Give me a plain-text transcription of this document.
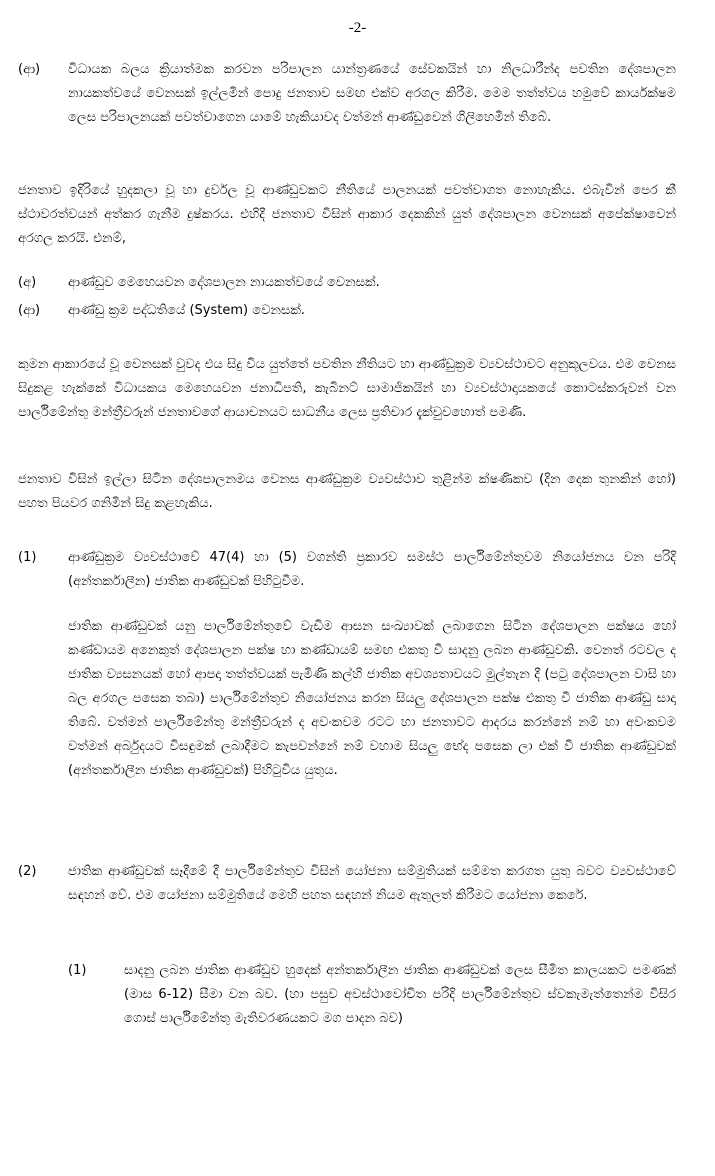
-2-
(ආ) විධායක බලය ක්‍රියාත්මක කරවන පරිපාලන යාන්ත්‍රණයේ සේවකයින් හා නිලධාරීන්ද පවතින දේශපාලන නායකත්වයේ වෙනසක් ඉල්ලමින් පොදු ජනතාව සමඟ එක්ව අරගල කිරීම. මෙම තත්ත්වය හමුවේ කාර්යක්ෂම ලෙස පරිපාලනයක් පවත්වාගෙන යාමේ හැකියාවද වත්මන් ආණ්ඩුවෙන් ගිලිහෙමින් තිබේ.
ජනතාව ඉදිරියේ හුදකලා වූ හා දුර්වල වූ ආණ්ඩුවකට නීතියේ පාලනයක් පවත්වාගත නොහැකිය. එබැවින් පෙර කී ස්ථාවරත්වයන් අත්කර ගැනීම දුෂ්කරය. එහිදී ජනතාව විසින් ආකාර දෙකකින් යුත් දේශපාලන වෙනසක් අපේක්ෂාවෙන් අරගල කරයි. එනම්,
(අ) ආණ්ඩුව මෙහෙයවන දේශපාලන නායකත්වයේ වෙනසක්.
(ආ) ආණ්ඩු ක්‍රම පද්ධතියේ (System) වෙනසක්.
කුමන ආකාරයේ වූ වෙනසක් වුවද එය සිදු විය යුත්තේ පවතින නීතියට හා ආණ්ඩුක්‍රම ව්‍යවස්ථාවට අනුකූලවය. එම වෙනස සිදුකළ හැක්කේ විධායකය මෙහෙයවන ජනාධිපති, කැබිනට් සාමාජිකයින් හා ව්‍යවස්ථාදායකයේ කොටස්කරුවන් වන පාර්ලිමේන්තු මන්ත්‍රීවරුන් ජනතාවගේ ආයාචනයට සාධනීය ලෙස ප්‍රතිචාර දැක්වුවහොත් පමණි.
ජනතාව විසින් ඉල්ලා සිටින දේශපාලනමය වෙනස ආණ්ඩුක්‍රම ව්‍යවස්ථාව තුළින්ම ක්ෂණිකව (දින දෙක තුනකින් හෝ) පහත පියවර ගනිමින් සිදු කළහැකිය.
(1) ආණ්ඩුක්‍රම ව්‍යවස්ථාවේ 47(4) හා (5) වගන්ති ප්‍රකාරව සමස්ථ පාර්ලිමේන්තුවම නියෝජනය වන පරිදි (අන්තර්කාලීන) ජාතික ආණ්ඩුවක් පිහිටුවීම.
ජාතික ආණ්ඩුවක් යනු පාර්ලිමේන්තුවේ වැඩිම ආසන සංඛ්‍යාවක් ලබාගෙන සිටින දේශපාලන පක්ෂය හෝ කණ්ඩායම අනෙකුත් දේශපාලන පක්ෂ හා කණ්ඩායම් සමඟ එකතු වී සාදනු ලබන ආණ්ඩුවකි. වෙනත් රටවල ද ජාතික ව්‍යසනයක් හෝ ආපදා තත්ත්වයක් පැමිණි කල්හි ජාතික අවශ්‍යතාවයට මුල්තැන දී (පටු දේශපාලන වාසි හා බල අරගල පසෙක තබා) පාර්ලිමේන්තුව නියෝජනය කරන සියලු දේශපාලන පක්ෂ එකතු වී ජාතික ආණ්ඩු සාදා තිබේ. වත්මන් පාර්ලිමේන්තු මන්ත්‍රීවරුන් ද අවංකවම රටට හා ජනතාවට ආදරය කරන්නේ නම් හා අවංකවම වත්මන් අර්බුදයට විසඳුමක් ලබාදීමට කැපවන්නේ නම් වහාම සියලු භේද පසෙක ලා එක් වී ජාතික ආණ්ඩුවක් (අන්තර්කාලීන ජාතික ආණ්ඩුවක්) පිහිටුවිය යුතුය.
(2) ජාතික ආණ්ඩුවක් සෑදීමේ දී පාර්ලිමේන්තුව විසින් යෝජනා සම්මුතියක් සම්මත කරගත යුතු බවට ව්‍යවස්ථාවේ සඳහන් වේ. එම යෝජනා සම්මුතියේ මෙහි පහත සඳහන් නියම ඇතුලත් කිරීමට යෝජනා කෙරේ.
(1)	සාදනු ලබන ජාතික ආණ්ඩුව හුදෙක් අන්තර්කාලීන ජාතික ආණ්ඩුවක් ලෙස සීමිත කාලයකට පමණක් (මාස 6-12) සීමා වන බව. (හා පසුව අවස්ථාවෝචිත පරිදි පාර්ලිමේන්තුව ස්වකැමැත්තෙන්ම විසිර ගොස් පාර්ලිමේන්තු මැතිවරණයකට මග පාදන බව)
